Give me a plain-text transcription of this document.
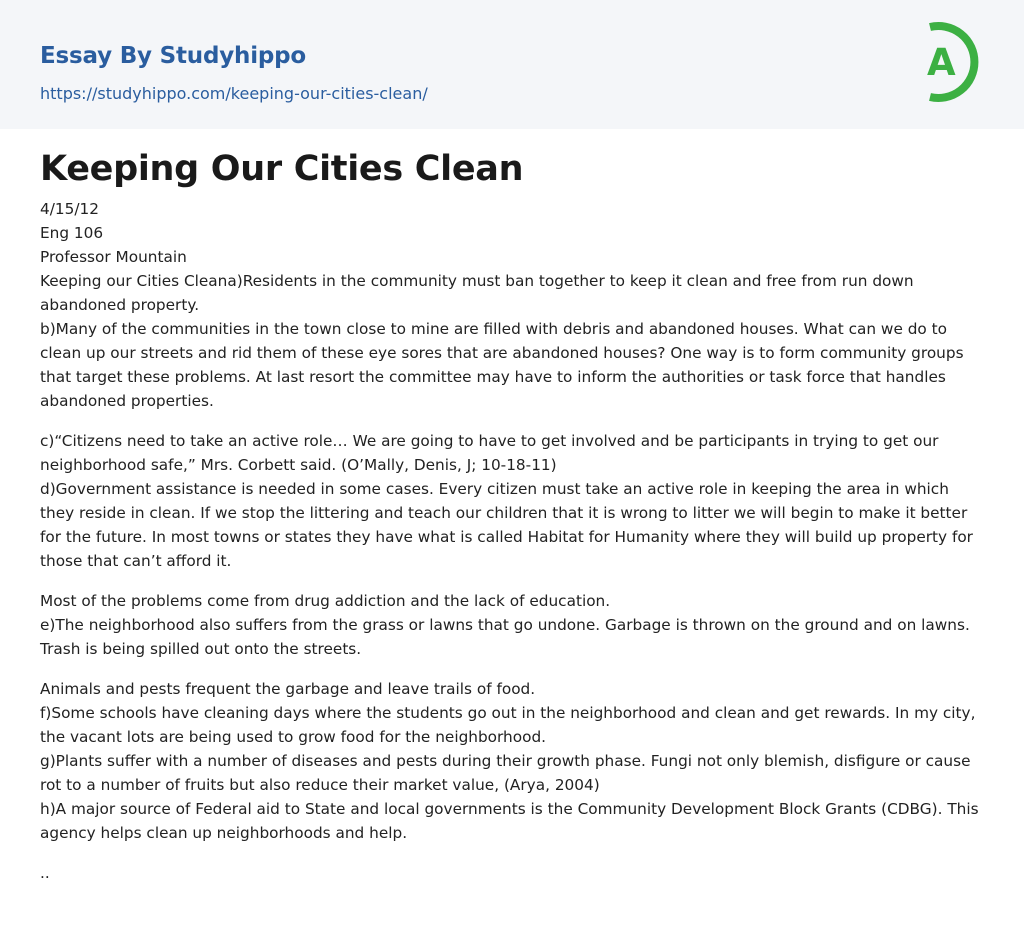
Essay By Studyhippo
https://studyhippo.com/keeping-our-cities-clean/
A
Keeping Our Cities Clean

4/15/12

Eng 106

Professor Mountain

Keeping our Cities Cleana)Residents in the community must ban together to keep it clean and free from run down abandoned property.

b)Many of the communities in the town close to mine are filled with debris and abandoned houses. What can we do to clean up our streets and rid them of these eye sores that are abandoned houses? One way is to form community groups that target these problems. At last resort the committee may have to inform the authorities or task force that handles abandoned properties.

c)“Citizens need to take an active role… We are going to have to get involved and be participants in trying to get our neighborhood safe,” Mrs. Corbett said. (O’Mally, Denis, J; 10-18-11)

d)Government assistance is needed in some cases. Every citizen must take an active role in keeping the area in which they reside in clean. If we stop the littering and teach our children that it is wrong to litter we will begin to make it better for the future. In most towns or states they have what is called Habitat for Humanity where they will build up property for those that can’t afford it.

Most of the problems come from drug addiction and the lack of education.

e)The neighborhood also suffers from the grass or lawns that go undone. Garbage is thrown on the ground and on lawns. Trash is being spilled out onto the streets.

Animals and pests frequent the garbage and leave trails of food.

f)Some schools have cleaning days where the students go out in the neighborhood and clean and get rewards. In my city, the vacant lots are being used to grow food for the neighborhood.

g)Plants suffer with a number of diseases and pests during their growth phase. Fungi not only blemish, disfigure or cause rot to a number of fruits but also reduce their market value, (Arya, 2004)

h)A major source of Federal aid to State and local governments is the Community Development Block Grants (CDBG). This agency helps clean up neighborhoods and help.

..
